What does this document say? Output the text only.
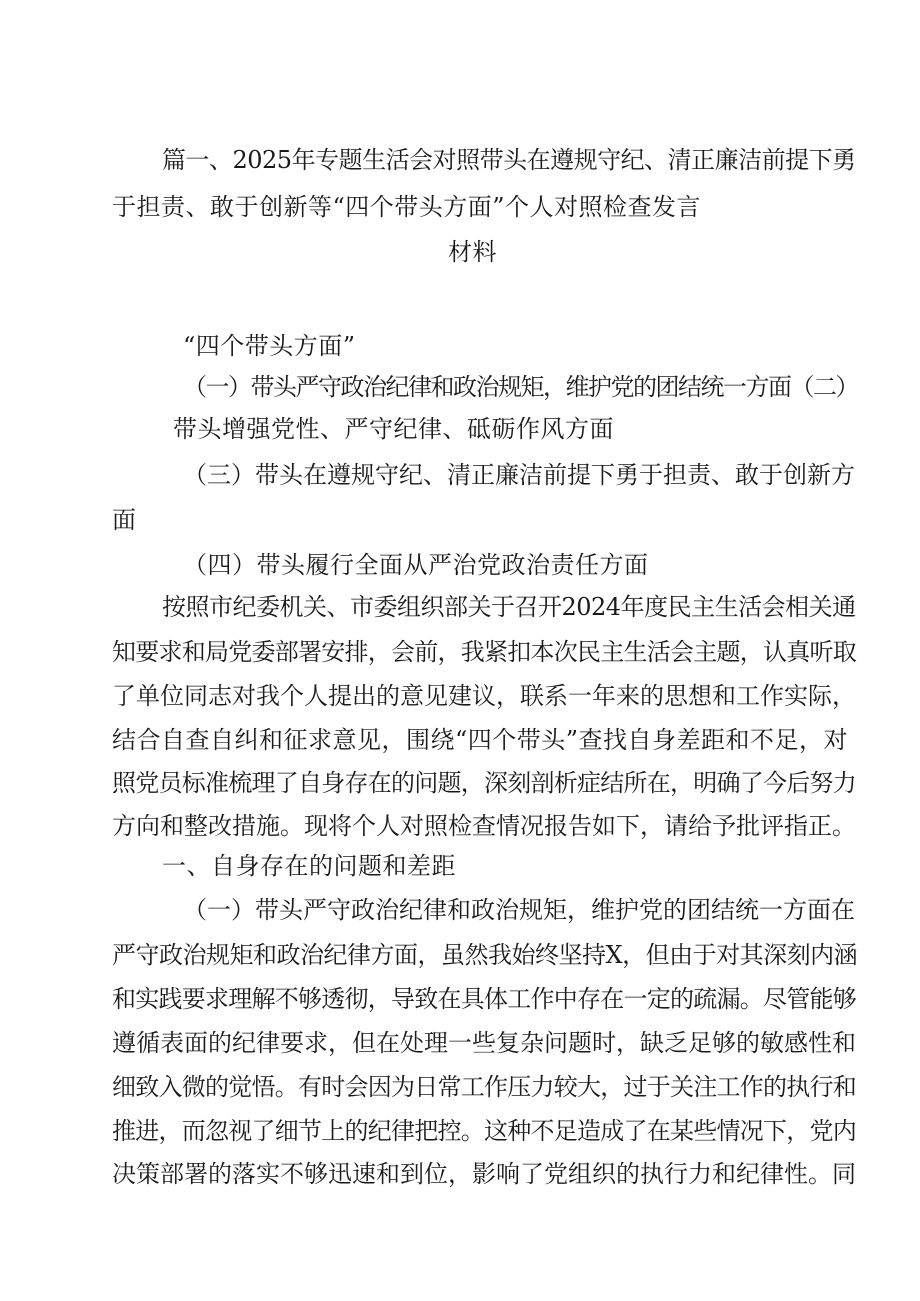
篇一、2025年专题生活会对照带头在遵规守纪、清正廉洁前提下勇
于担责、敢于创新等“四个带头方面”个人对照检查发言
材料
“四个带头方面”
（一）带头严守政治纪律和政治规矩，维护党的团结统一方面（二）
带头增强党性、严守纪律、砥砺作风方面
（三）带头在遵规守纪、清正廉洁前提下勇于担责、敢于创新方
面
（四）带头履行全面从严治党政治责任方面
按照市纪委机关、市委组织部关于召开2024年度民主生活会相关通
知要求和局党委部署安排，会前，我紧扣本次民主生活会主题，认真听取
了单位同志对我个人提出的意见建议，联系一年来的思想和工作实际，
结合自查自纠和征求意见，围绕“四个带头”查找自身差距和不足，对
照党员标准梳理了自身存在的问题，深刻剖析症结所在，明确了今后努力
方向和整改措施。现将个人对照检查情况报告如下，请给予批评指正。
一、自身存在的问题和差距
（一）带头严守政治纪律和政治规矩，维护党的团结统一方面在
严守政治规矩和政治纪律方面，虽然我始终坚持X，但由于对其深刻内涵
和实践要求理解不够透彻，导致在具体工作中存在一定的疏漏。尽管能够
遵循表面的纪律要求，但在处理一些复杂问题时，缺乏足够的敏感性和
细致入微的觉悟。有时会因为日常工作压力较大，过于关注工作的执行和
推进，而忽视了细节上的纪律把控。这种不足造成了在某些情况下，党内
决策部署的落实不够迅速和到位，影响了党组织的执行力和纪律性。同
